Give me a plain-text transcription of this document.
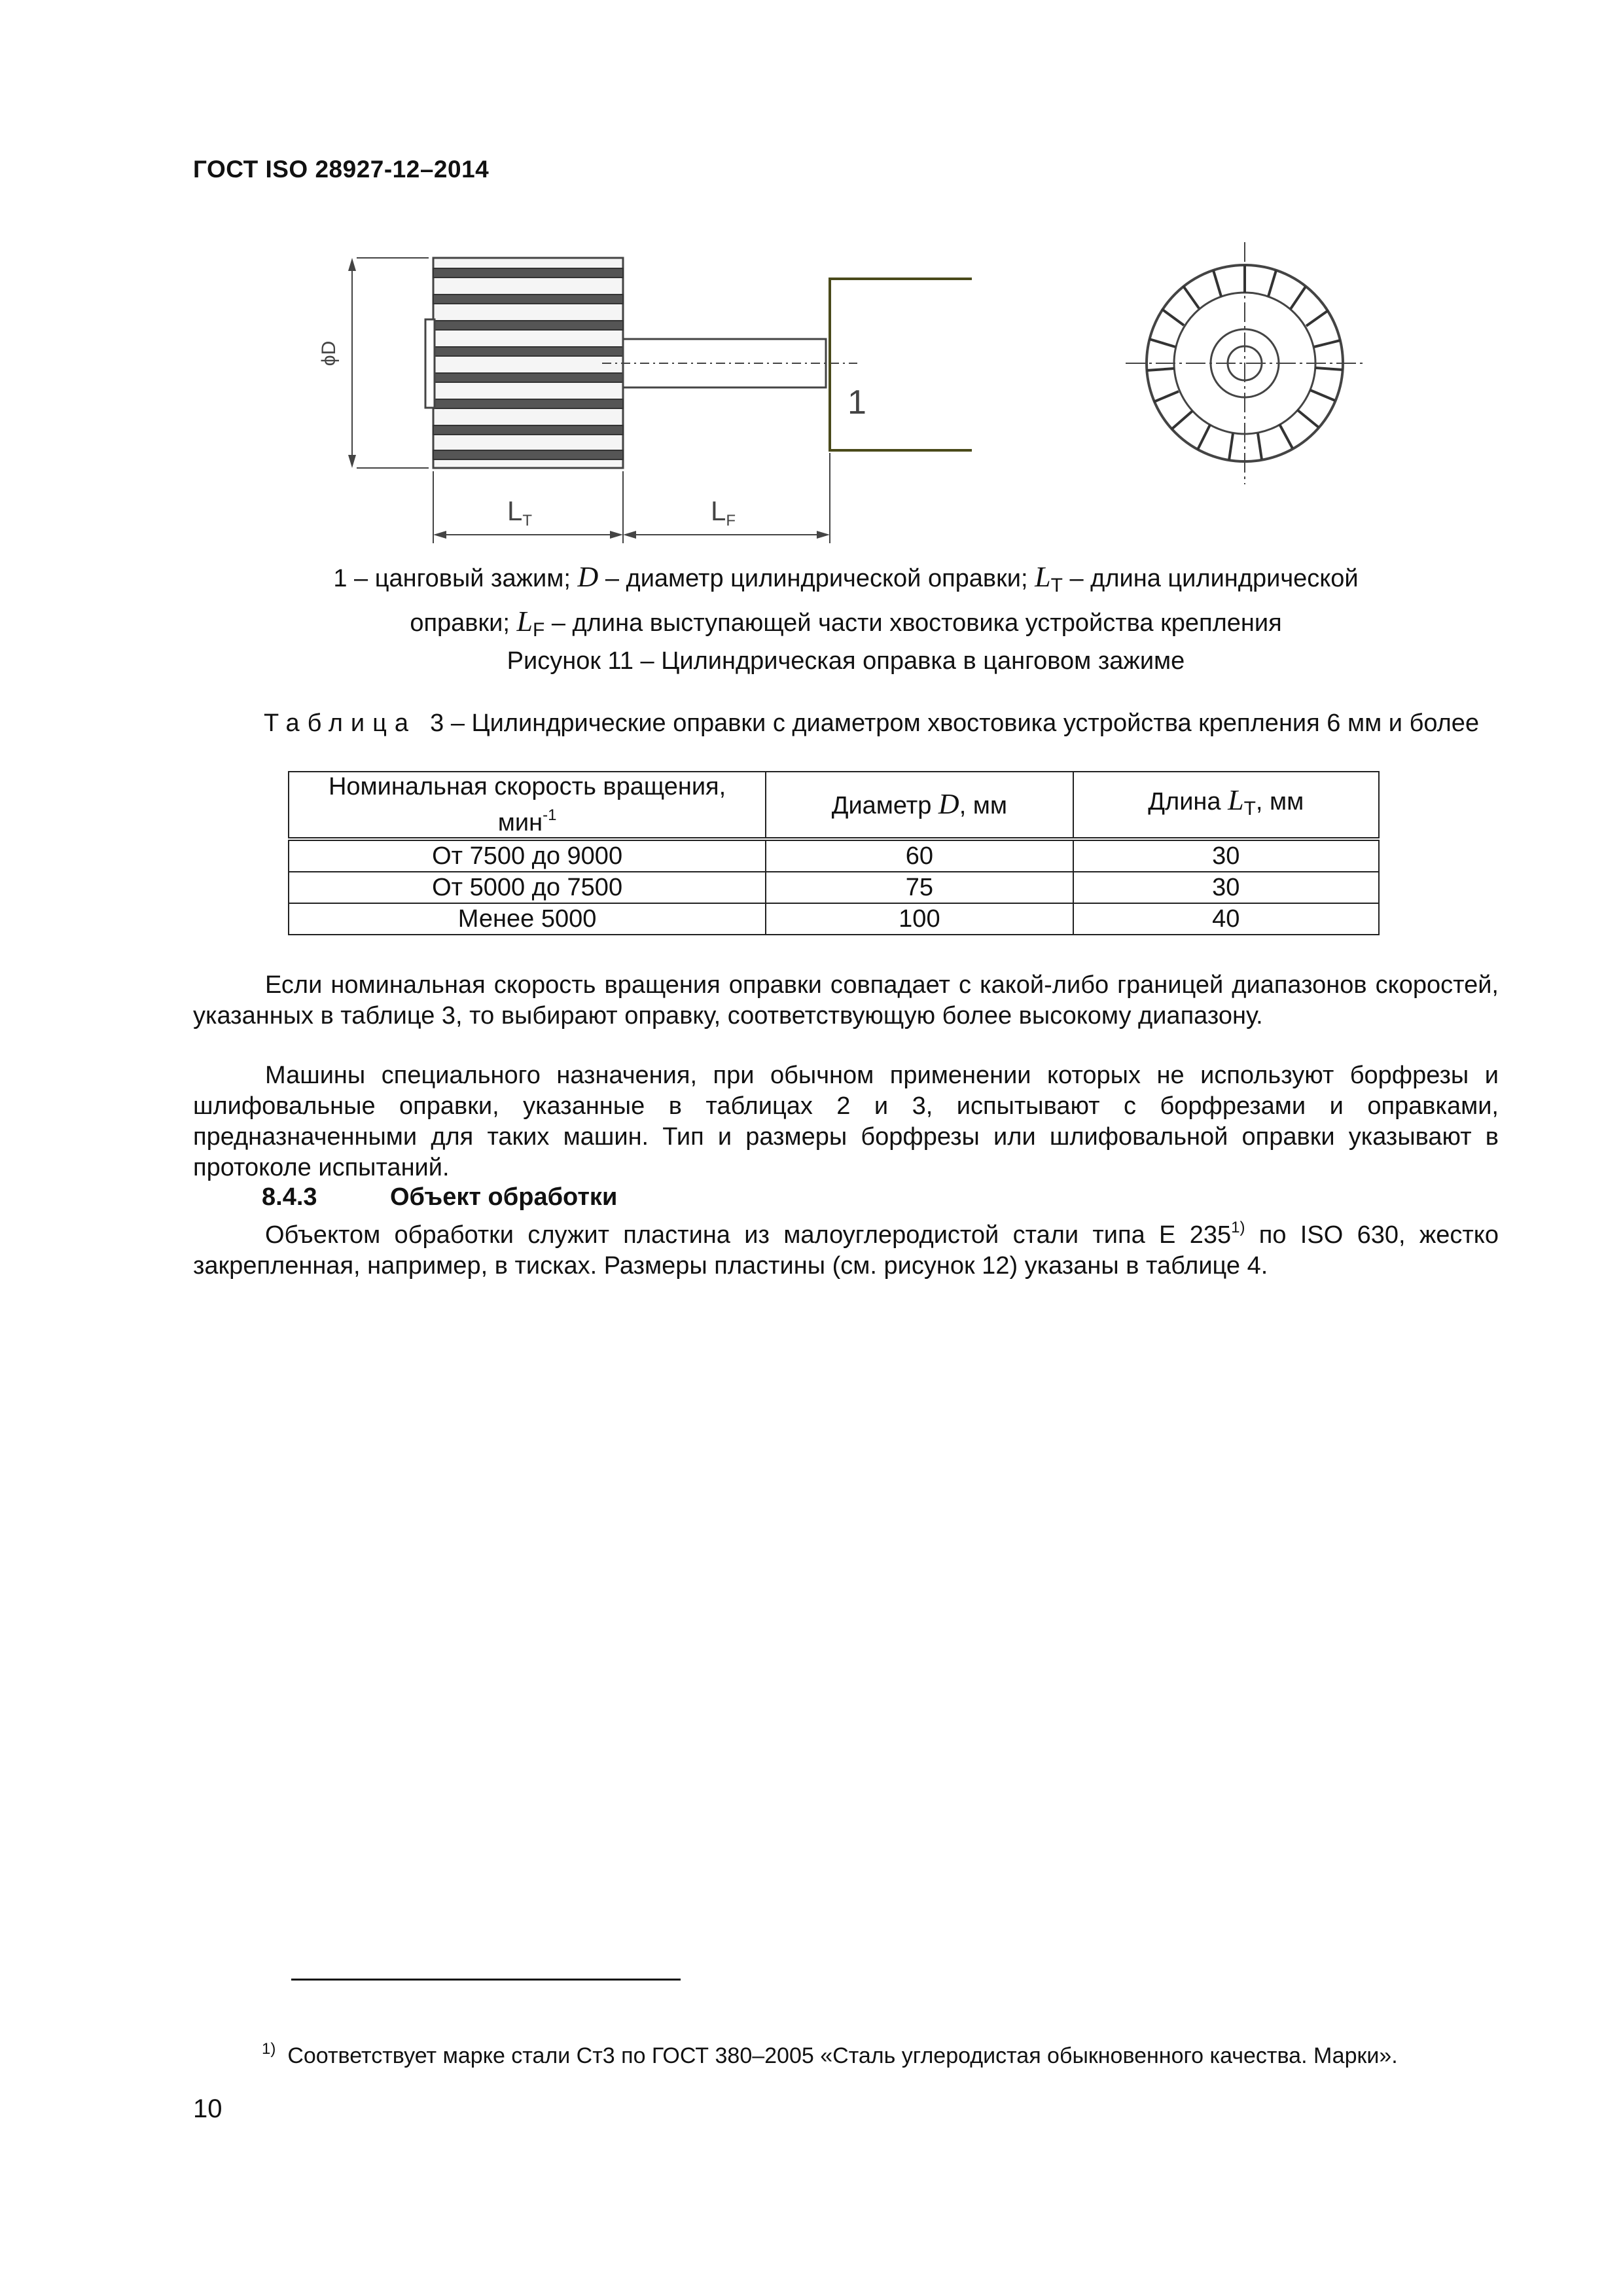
ГОСТ ISO 28927-12–2014
ϕD
1
LT	LF
1 – цанговый зажим; D – диаметр цилиндрической оправки; $L_T$ – длина цилиндрической
оправки; $L_F$ – длина выступающей части хвостовика устройства крепления
Рисунок 11 – Цилиндрическая оправка в цанговом зажиме
Таблица 3 – Цилиндрические оправки с диаметром хвостовика устройства крепления 6 мм и более
Номинальная скорость вращения,
мин$^{-1}$	Диаметр D, мм	Длина $L_T$, мм
От 7500 до 9000	60	30
От 5000 до 7500	75	30
Менее 5000	100	40
Если номинальная скорость вращения оправки совпадает с какой-либо границей диапазонов скоростей, указанных в таблице 3, то выбирают оправку, соответствующую более высокому диапазону.
Машины специального назначения, при обычном применении которых не используют борфрезы и шлифовальные оправки, указанные в таблицах 2 и 3, испытывают с борфрезами и оправками, предназначенными для таких машин. Тип и размеры борфрезы или шлифовальной оправки указывают в протоколе испытаний.
8.4.3	Объект обработки
Объектом обработки служит пластина из малоуглеродистой стали типа Е 235$^{1)}$ по ISO 630, жестко закрепленная, например, в тисках. Размеры пластины (см. рисунок 12) указаны в таблице 4.
$^{1)}$ Соответствует марке стали Ст3 по ГОСТ 380–2005 «Сталь углеродистая обыкновенного качества. Марки».
10
